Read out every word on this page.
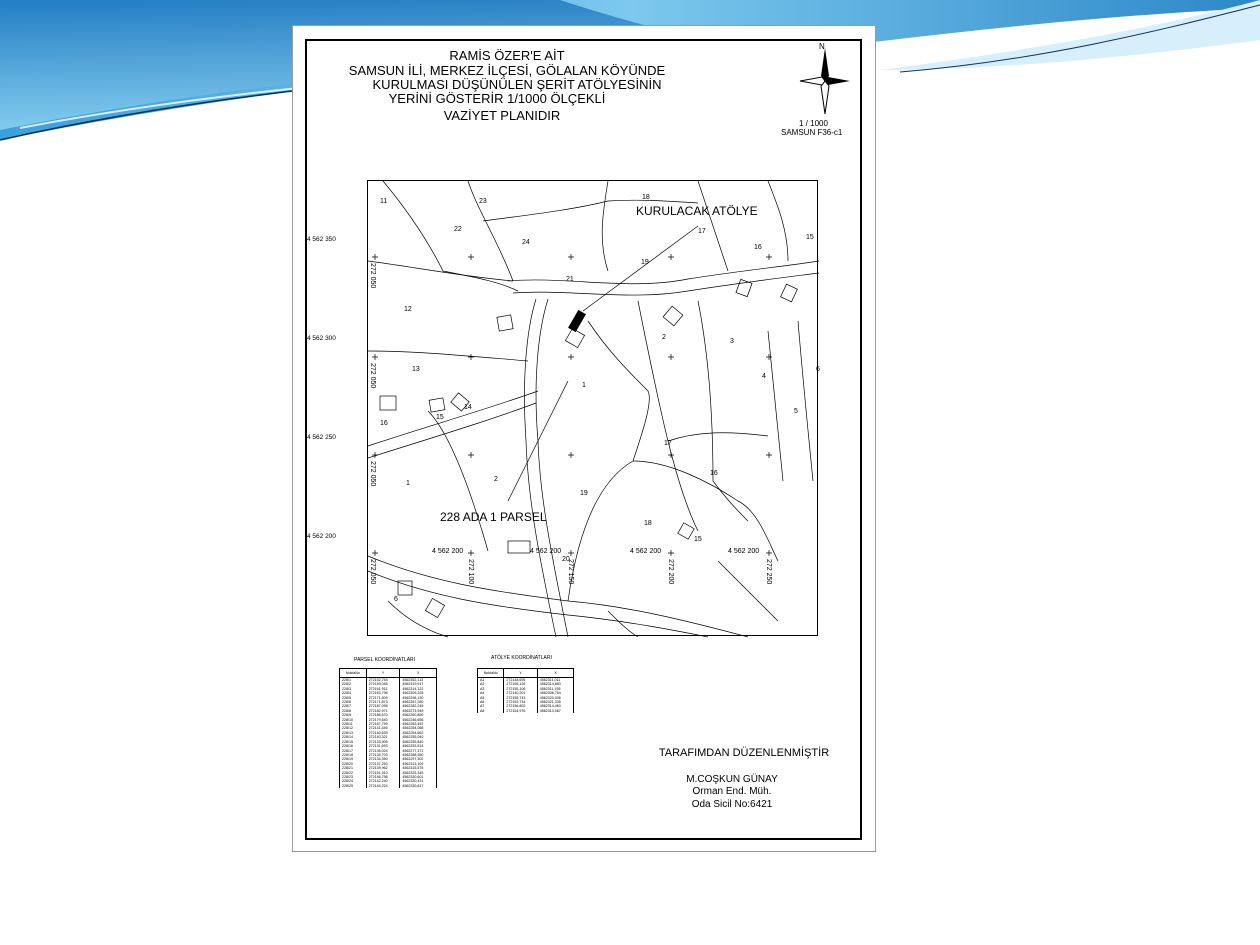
RAMİS ÖZER'E AİT
SAMSUN İLİ, MERKEZ İLÇESİ, GÖLALAN KÖYÜNDE
KURULMASI DÜŞÜNÜLEN ŞERİT ATÖLYESİNİN
YERİNİ GÖSTERİR 1/1000 ÖLÇEKLİ
VAZİYET PLANIDIR
N
1 / 1000
SAMSUN F36-c1
4 562 350
4 562 300
4 562 250
4 562 200
KURULACAK ATÖLYE
228 ADA 1 PARSEL
11	23
22
24
18
17
19
16
15
21
12
2
3
4
13
1
5
6
16
15
14
17
16
19
1
2
18
15
20
6
4 562 200	4 562 200	4 562 200	4 562 200
272 050
272 050
272 050
272 050	272 100	272 150	272 200	272 250
PARSEL KOORDİNATLARI
NoktaNo	Y	X
228/1	272152,754	4562352,113
228/2	272159,045	4562319,917
228/3	272161,911	4562314,122
228/4	272163,798	4562309,225
228/5	272171,509	4562298,130
228/6	272171,873	4562287,280
228/7	272187,095	4562282,245
228/8	272182,971	4562273,949
228/9	272186,670	4562260,850
228/10	272179,640	4562246,656
228/11	272167,799	4562263,492
228/12	272141,446	4562254,068
228/13	272140,639	4562254,662
228/14	272140,321	4562255,040
228/15	272133,905	4562255,840
228/16	272131,693	4562253,514
228/17	272135,024	4562277,371
228/18	272135,703	4562288,350
228/19	272134,350	4562297,302
228/20	272137,253	4562313,109
228/21	272139,962	4562315,575
228/22	272151,910	4562325,345
228/23	272146,798	4562330,601
228/24	272142,240	4562330,431
228/25	272144,224	4562330,817
ATÖLYE KOORDİNATLARI
NoktaNo	Y	X
A1	272148,695	4562311,011
A2	272155,126	4562314,683
A3	272155,106	4562311,155
A4	272140,201	4562306,754
A5	272155,743	4562320,006
A6	272152,734	4562321,335
A7	272156,802	4562314,463
A8	272154,976	4562313,067
TARAFIMDAN DÜZENLENMİŞTİR
M.COŞKUN GÜNAY
Orman End. Müh.
Oda Sicil No:6421
